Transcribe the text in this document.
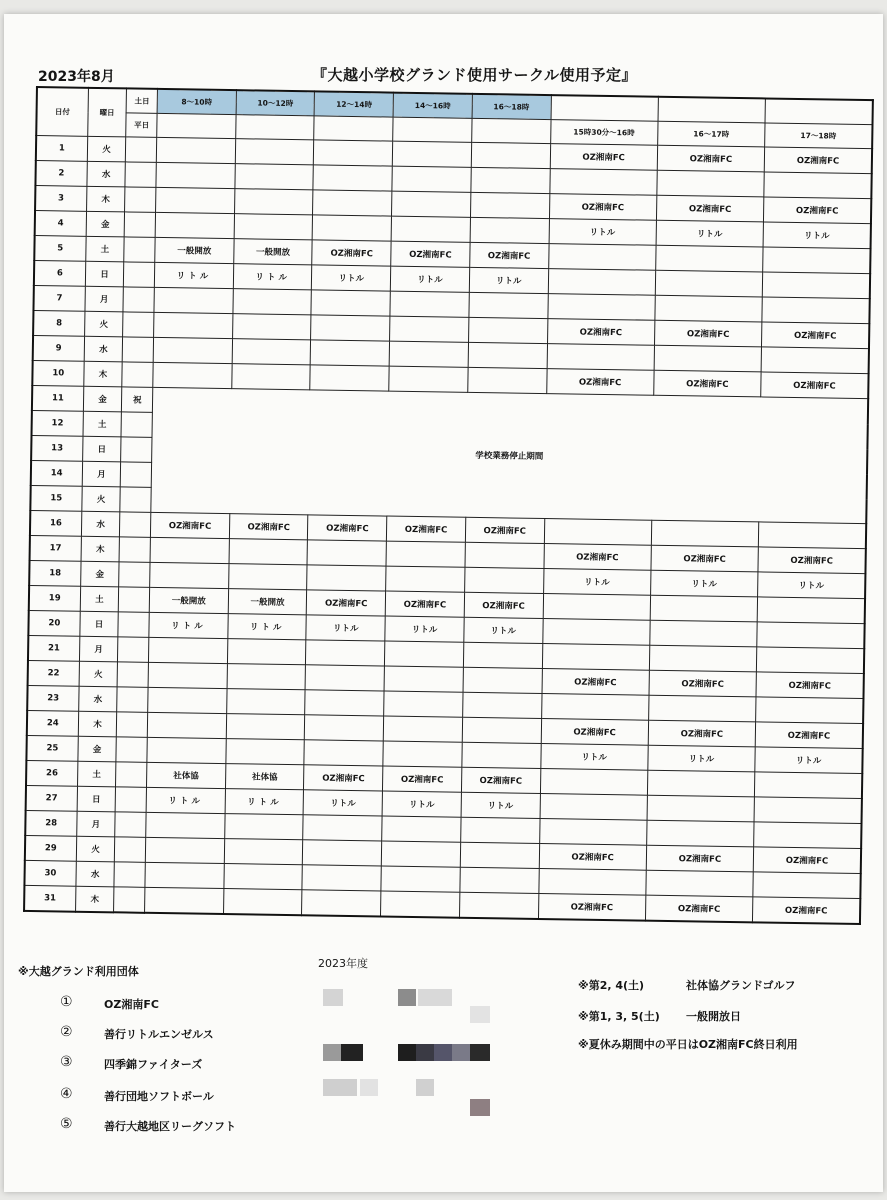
2023年8月	『大越小学校グランド使用サークル使用予定』
日付	曜日	土日	8～10時	10～12時	12～14時	14～16時	16～18時			
		平日						15時30分～16時	16～17時	17～18時
1	火							OZ湘南FC	OZ湘南FC	OZ湘南FC
2	水									
3	木							OZ湘南FC	OZ湘南FC	OZ湘南FC
4	金							リトル	リトル	リトル
5	土		一般開放	一般開放	OZ湘南FC	OZ湘南FC	OZ湘南FC			
6	日		リトル	リトル	リトル	リトル	リトル			
7	月									
8	火							OZ湘南FC	OZ湘南FC	OZ湘南FC
9	水									
10	木							OZ湘南FC	OZ湘南FC	OZ湘南FC
11	金	祝	学校業務停止期間							
12	土									
13	日									
14	月									
15	火									
16	水		OZ湘南FC	OZ湘南FC	OZ湘南FC	OZ湘南FC	OZ湘南FC			
17	木							OZ湘南FC	OZ湘南FC	OZ湘南FC
18	金							リトル	リトル	リトル
19	土		一般開放	一般開放	OZ湘南FC	OZ湘南FC	OZ湘南FC			
20	日		リトル	リトル	リトル	リトル	リトル			
21	月									
22	火							OZ湘南FC	OZ湘南FC	OZ湘南FC
23	水									
24	木							OZ湘南FC	OZ湘南FC	OZ湘南FC
25	金							リトル	リトル	リトル
26	土		社体協	社体協	OZ湘南FC	OZ湘南FC	OZ湘南FC			
27	日		リトル	リトル	リトル	リトル	リトル			
28	月									
29	火							OZ湘南FC	OZ湘南FC	OZ湘南FC
30	水									
31	木							OZ湘南FC	OZ湘南FC	OZ湘南FC
※大越グランド利用団体
2023年度
①	OZ湘南FC
②	善行リトルエンゼルス
③	四季錦ファイターズ
④	善行団地ソフトボール
⑤	善行大越地区リーグソフト
※第2, 4(土)	社体協グランドゴルフ
※第1, 3, 5(土) 一般開放日
※夏休み期間中の平日はOZ湘南FC終日利用
